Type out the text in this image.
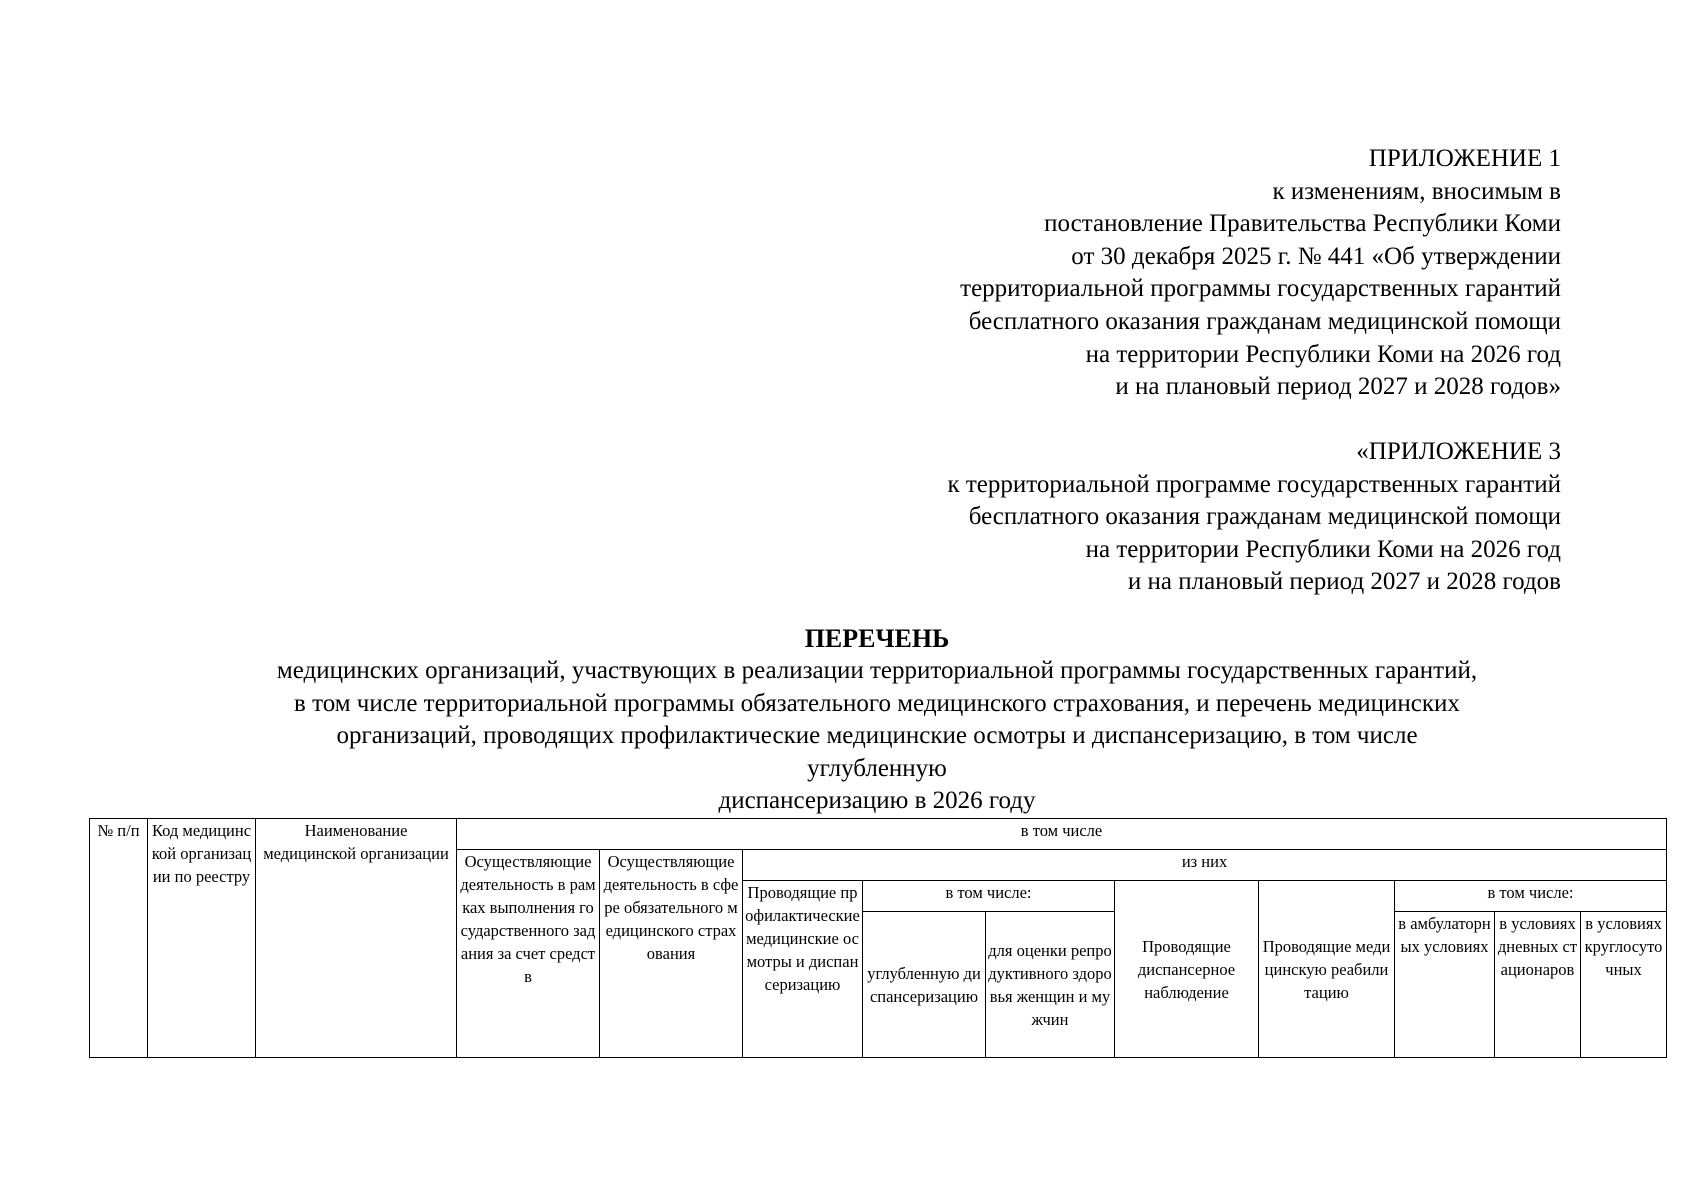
ПРИЛОЖЕНИЕ 1
к изменениям, вносимым в
постановление Правительства Республики Коми
от 30 декабря 2025 г. № 441 «Об утверждении
территориальной программы государственных гарантий
бесплатного оказания гражданам медицинской помощи
на территории Республики Коми на 2026 год
и на плановый период 2027 и 2028 годов»
«ПРИЛОЖЕНИЕ 3
к территориальной программе государственных гарантий
бесплатного оказания гражданам медицинской помощи
на территории Республики Коми на 2026 год
и на плановый период 2027 и 2028 годов
ПЕРЕЧЕНЬ
медицинских организаций, участвующих в реализации территориальной программы государственных гарантий,
в том числе территориальной программы обязательного медицинского страхования, и перечень медицинских
организаций, проводящих профилактические медицинские осмотры и диспансеризацию, в том числе
углубленную
диспансеризацию в 2026 году
№ п/п	Код медицинской организации по реестру	Наименование медицинской организации	в том числе									

			Осуществляющие деятельность в рамках выполнения государственного задания за счет средств	Осуществляющие деятельность в сфере обязательного медицинского страхования	из них							

					Проводящие профилактические медицинские осмотры и диспансеризацию	в том числе:		Проводящие диспансерное наблюдение	Проводящие медицинскую реабилитацию	в том числе:		
						углубленную диспансеризацию	для оценки репродуктивного здоровья женщин и мужчин			в амбулаторных условиях	в условиях дневных стационаров	в условиях круглосуточных
